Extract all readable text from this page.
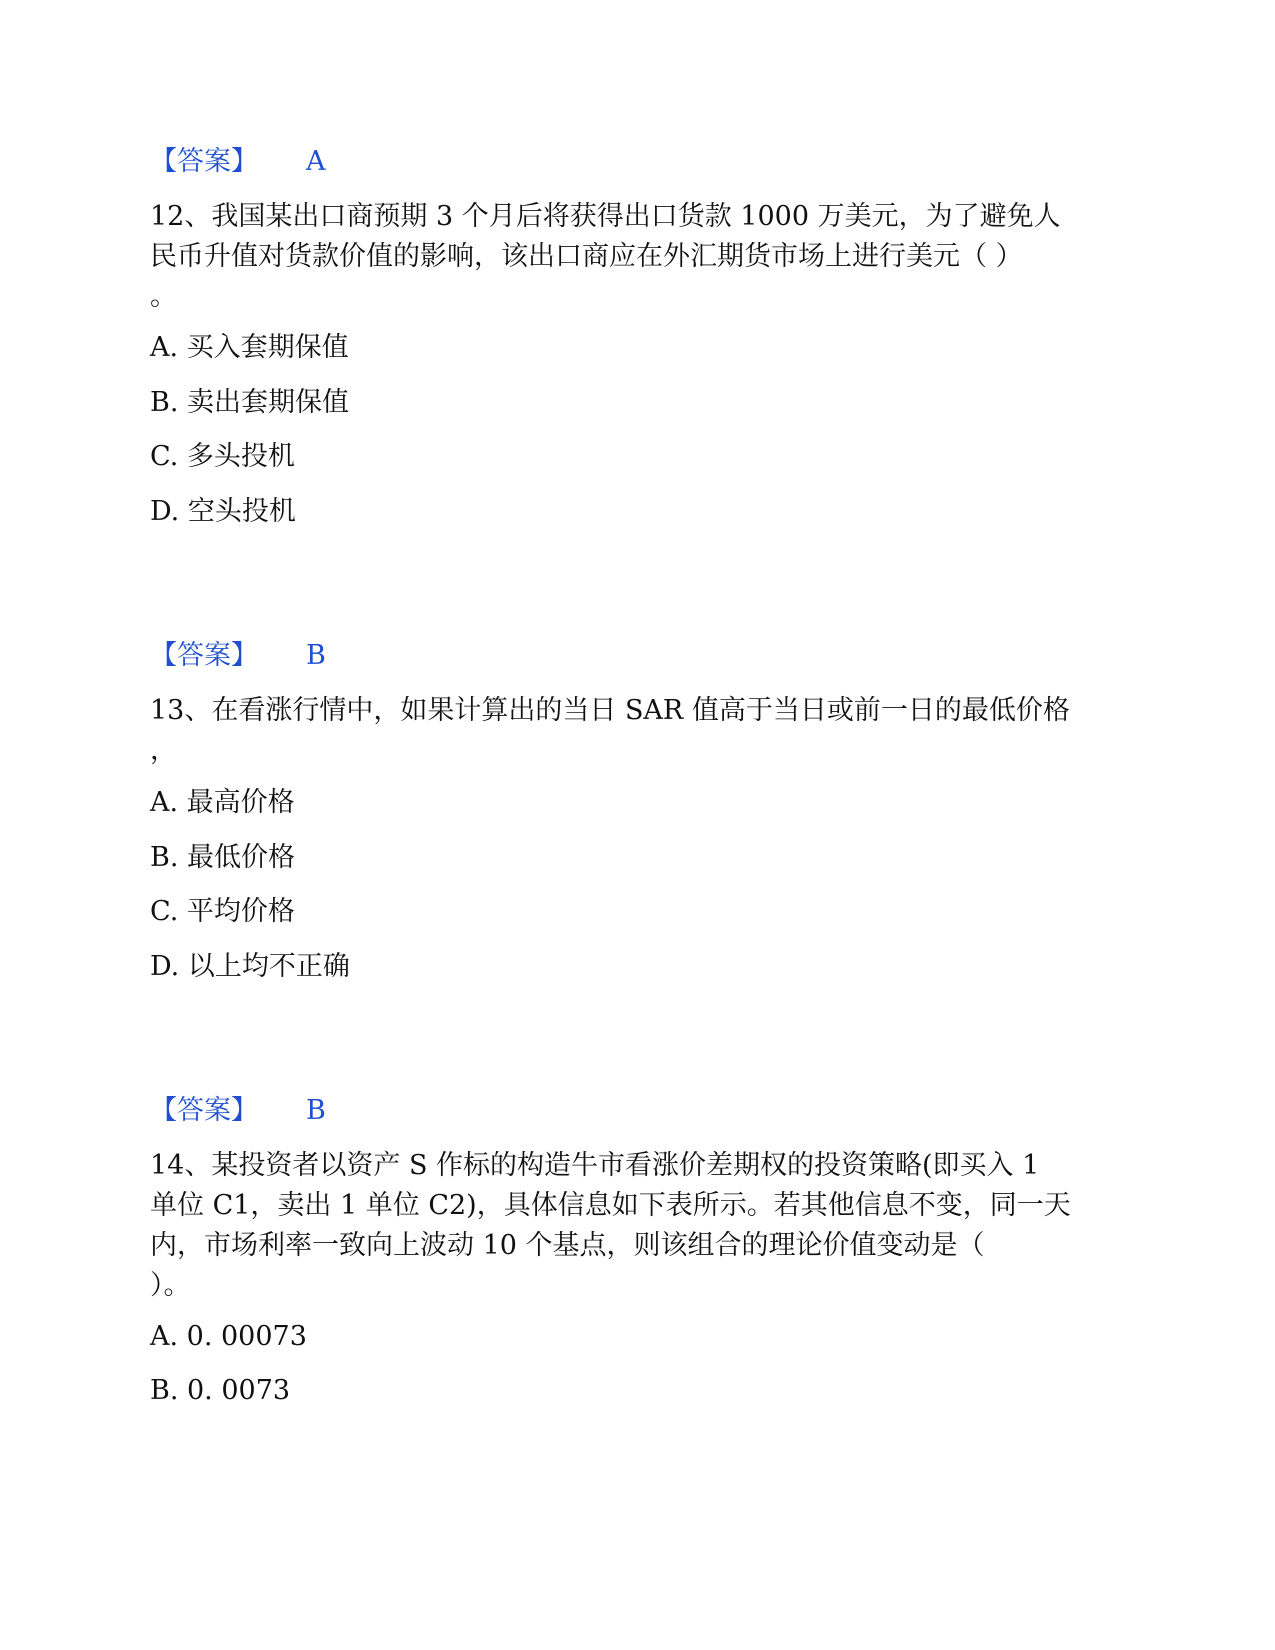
【答案】 A
12、我国某出口商预期 3 个月后将获得出口货款 1000 万美元，为了避免人
民币升值对货款价值的影响，该出口商应在外汇期货市场上进行美元（ ）
。
A. 买入套期保值
B. 卖出套期保值
C. 多头投机
D. 空头投机
【答案】 B
13、在看涨行情中，如果计算出的当日 SAR 值高于当日或前一日的最低价格
，
A. 最高价格
B. 最低价格
C. 平均价格
D. 以上均不正确
【答案】 B
14、某投资者以资产 S 作标的构造牛市看涨价差期权的投资策略(即买入 1
单位 C1，卖出 1 单位 C2)，具体信息如下表所示。若其他信息不变，同一天
内，市场利率一致向上波动 10 个基点，则该组合的理论价值变动是（
）。
A. 0. 00073
B. 0. 0073
